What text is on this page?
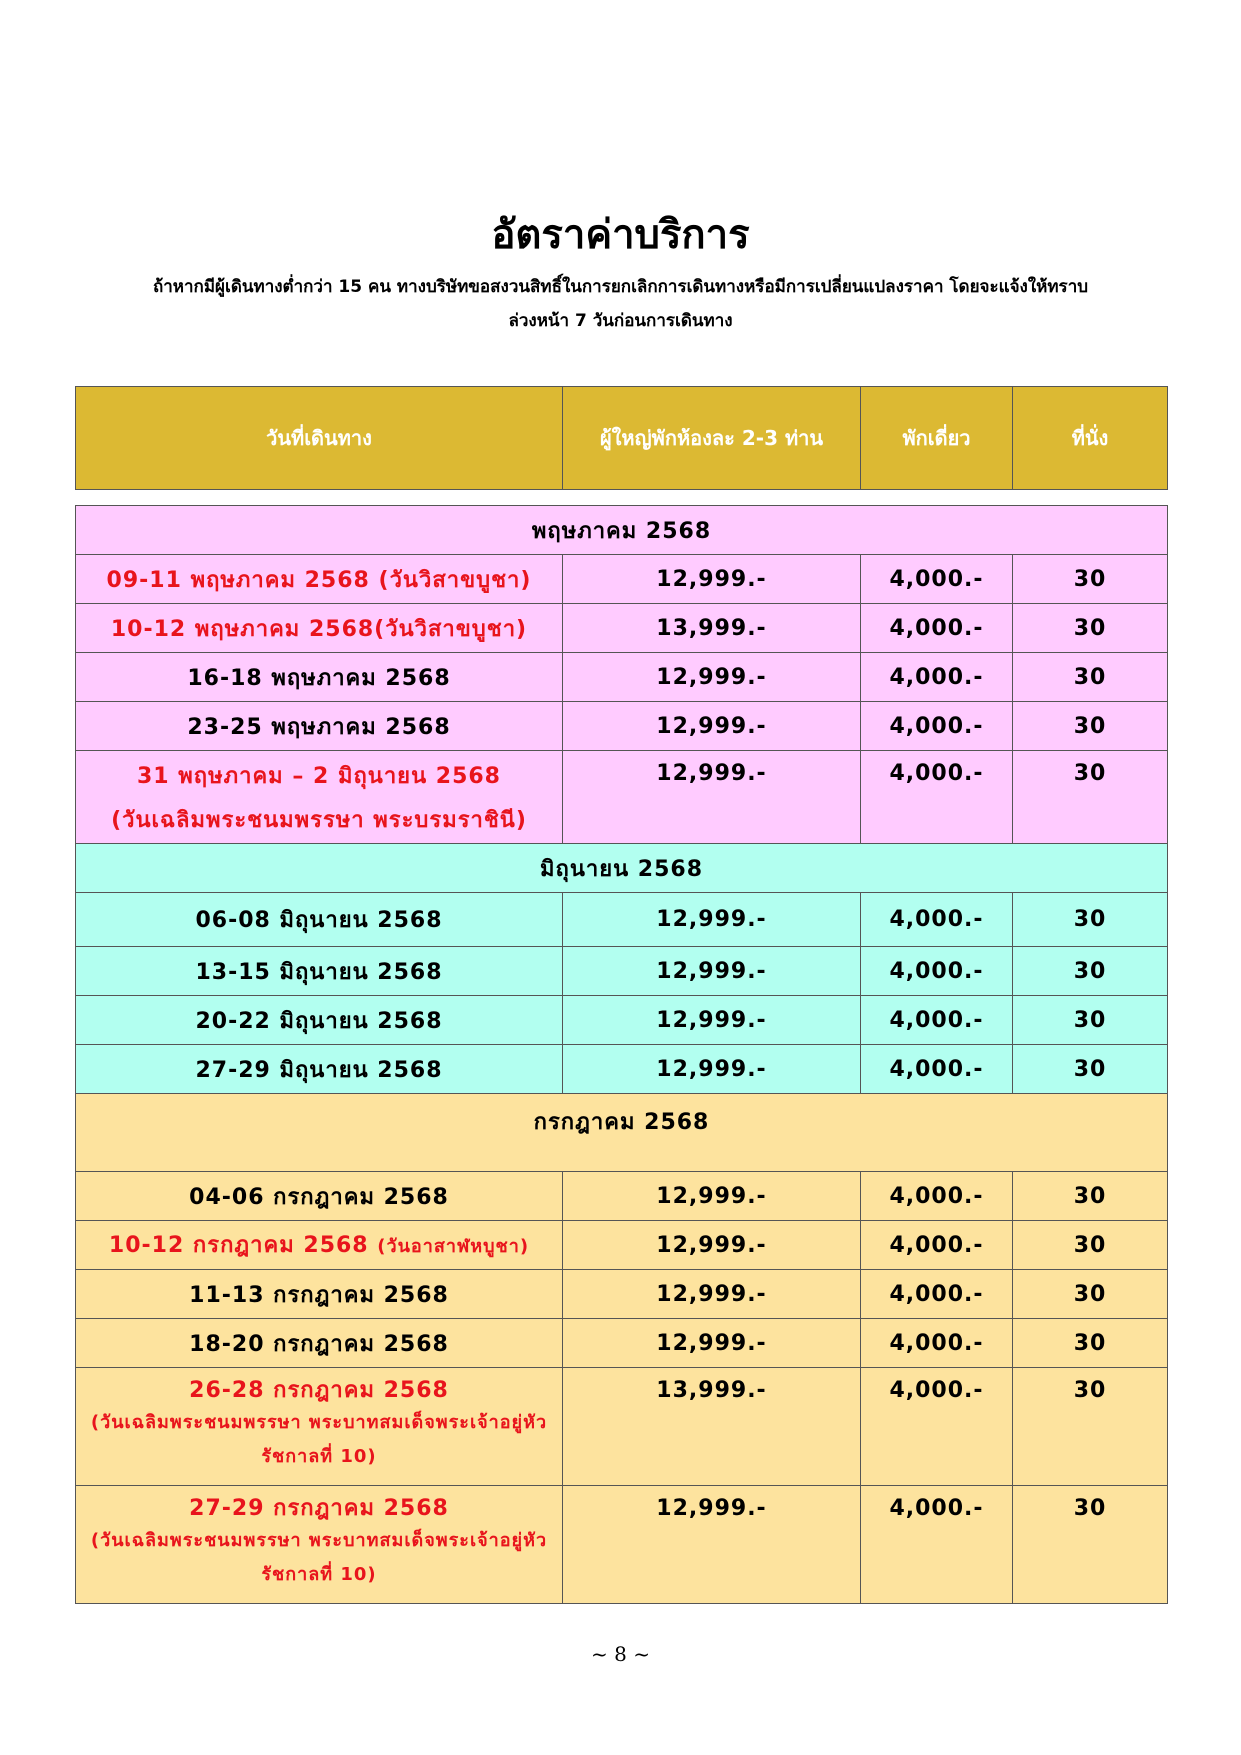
อัตราค่าบริการ
ถ้าหากมีผู้เดินทางต่ำกว่า 15 คน ทางบริษัทขอสงวนสิทธิ์ในการยกเลิกการเดินทางหรือมีการเปลี่ยนแปลงราคา โดยจะแจ้งให้ทราบ
ล่วงหน้า 7 วันก่อนการเดินทาง
วันที่เดินทาง	ผู้ใหญ่พักห้องละ 2-3 ท่าน	พักเดี่ยว	ที่นั่ง
พฤษภาคม 2568			
09-11 พฤษภาคม 2568 (วันวิสาขบูชา)	12,999.-	4,000.-	30
10-12 พฤษภาคม 2568(วันวิสาขบูชา)	13,999.-	4,000.-	30
16-18 พฤษภาคม 2568	12,999.-	4,000.-	30
23-25 พฤษภาคม 2568	12,999.-	4,000.-	30

31 พฤษภาคม – 2 มิถุนายน 2568
(วันเฉลิมพระชนมพรรษา พระบรมราชินี)	12,999.-	4,000.-	30
มิถุนายน 2568			
06-08 มิถุนายน 2568	12,999.-	4,000.-	30
13-15 มิถุนายน 2568	12,999.-	4,000.-	30
20-22 มิถุนายน 2568	12,999.-	4,000.-	30
27-29 มิถุนายน 2568	12,999.-	4,000.-	30
กรกฎาคม 2568			
04-06 กรกฎาคม 2568	12,999.-	4,000.-	30
10-12 กรกฎาคม 2568 (วันอาสาฬหบูชา)	12,999.-	4,000.-	30
11-13 กรกฎาคม 2568	12,999.-	4,000.-	30
18-20 กรกฎาคม 2568	12,999.-	4,000.-	30

26-28 กรกฎาคม 2568
(วันเฉลิมพระชนมพรรษา พระบาทสมเด็จพระเจ้าอยู่หัว
รัชกาลที่ 10)	13,999.-	4,000.-	30

27-29 กรกฎาคม 2568
(วันเฉลิมพระชนมพรรษา พระบาทสมเด็จพระเจ้าอยู่หัว
รัชกาลที่ 10)	12,999.-	4,000.-	30
~ 8 ~
